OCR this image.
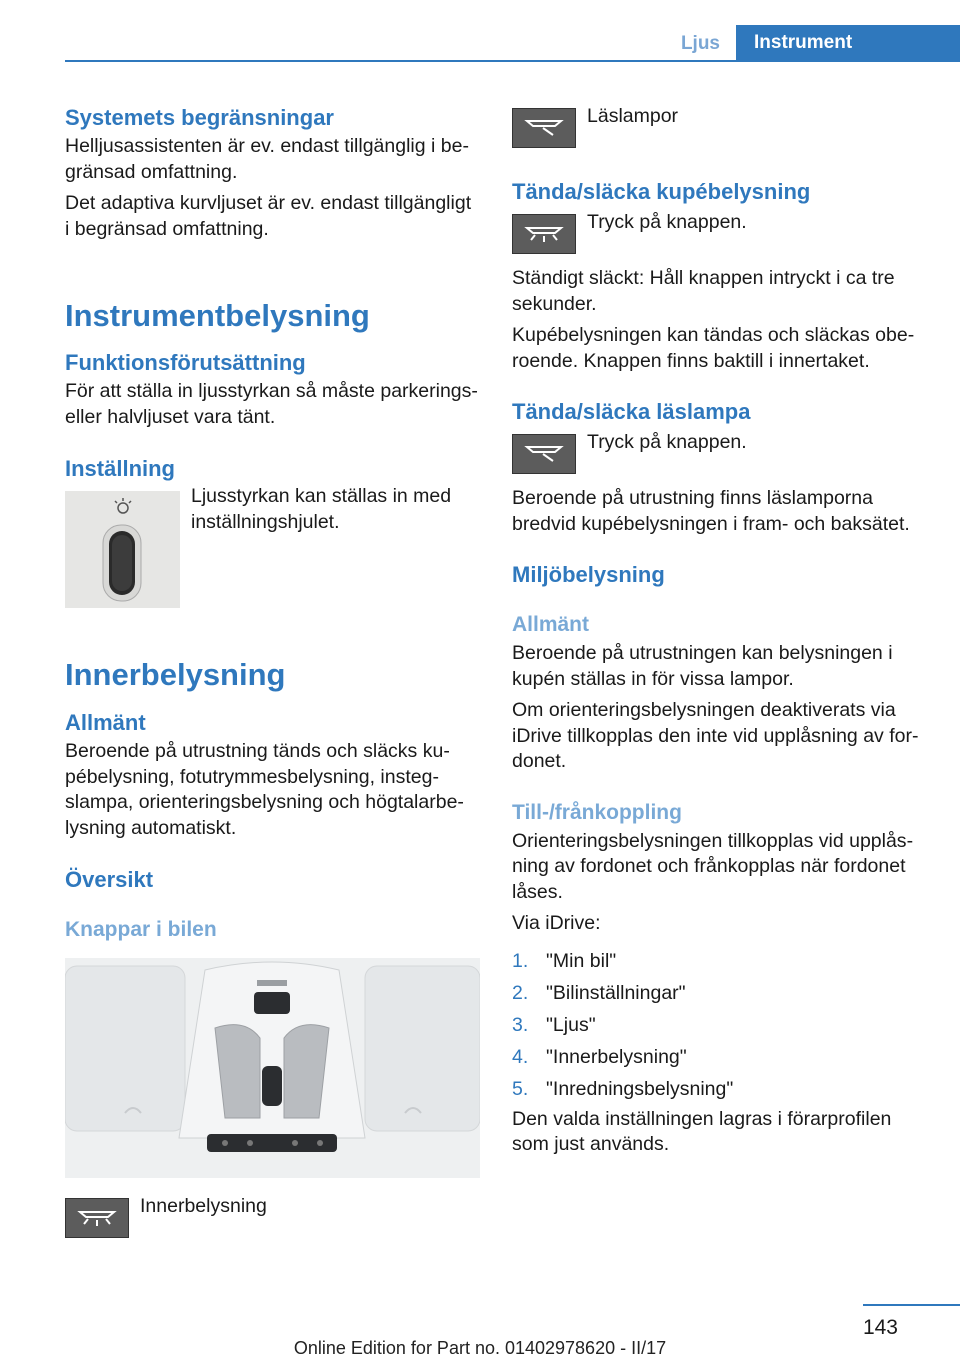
Ljus	Instrument
Systemets begränsningar

Helljusassistenten är ev. endast tillgänglig i begränsad omfattning.

Det adaptiva kurvljuset är ev. endast tillgängligt i begränsad omfattning.

Instrumentbelysning
Funktionsförutsättning

För att ställa in ljusstyrkan så måste parkerings- eller halvljuset vara tänt.

Inställning
Ljusstyrkan kan ställas in med inställningshjulet.
Innerbelysning
Allmänt

Beroende på utrustning tänds och släcks kupébelysning, fotutrymmesbelysning, instegslampa, orienteringsbelysning och högtalarbelysning automatiskt.

Översikt
Knappar i bilen
Innerbelysning
Läslampor
Tända/släcka kupébelysning
Tryck på knappen.

Ständigt släckt: Håll knappen intryckt i ca tre sekunder.

Kupébelysningen kan tändas och släckas oberoende. Knappen finns baktill i innertaket.

Tända/släcka läslampa
Tryck på knappen.

Beroende på utrustning finns läslamporna bredvid kupébelysningen i fram- och baksätet.

Miljöbelysning
Allmänt

Beroende på utrustningen kan belysningen i kupén ställas in för vissa lampor.

Om orienteringsbelysningen deaktiverats via iDrive tillkopplas den inte vid upplåsning av fordonet.

Till-/frånkoppling

Orienteringsbelysningen tillkopplas vid upplåsning av fordonet och frånkopplas när fordonet låses.

Via iDrive:

1. "Min bil"
2. "Bilinställningar"
3. "Ljus"
4. "Innerbelysning"
5. "Inredningsbelysning"

Den valda inställningen lagras i förarprofilen som just används.

143
Online Edition for Part no. 01402978620 - II/17
